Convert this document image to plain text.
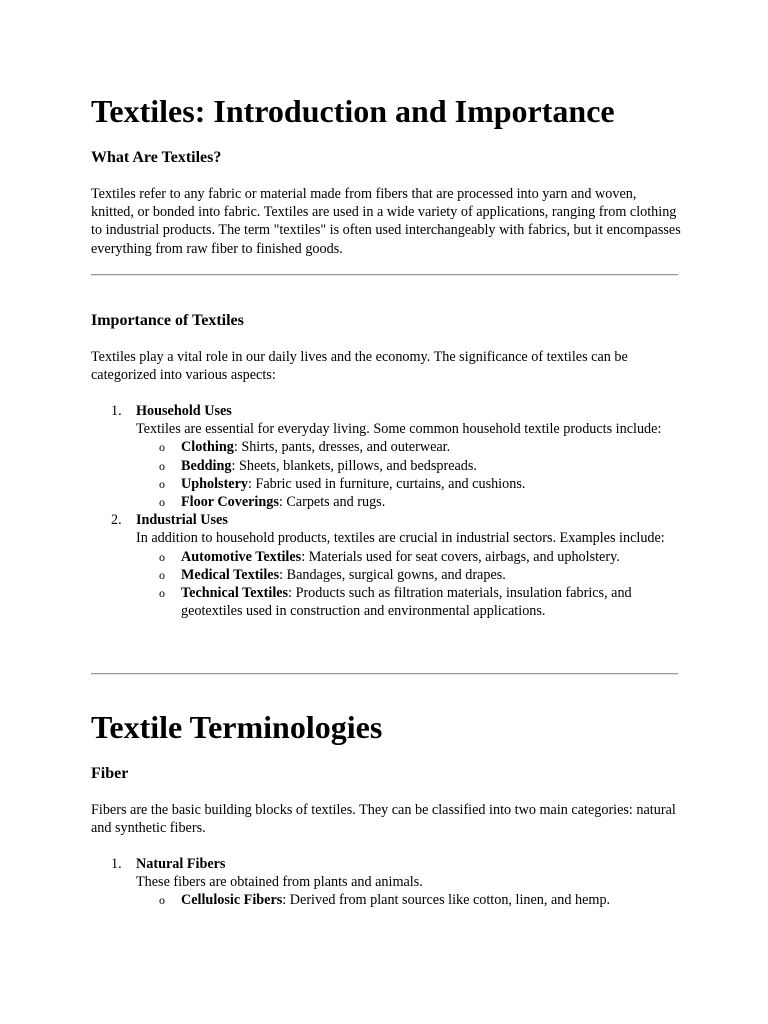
Textiles: Introduction and Importance
What Are Textiles?

Textiles refer to any fabric or material made from fibers that are processed into yarn and woven, knitted, or bonded into fabric. Textiles are used in a wide variety of applications, ranging from clothing to industrial products. The term "textiles" is often used interchangeably with fabrics, but it encompasses everything from raw fiber to finished goods.

Importance of Textiles

Textiles play a vital role in our daily lives and the economy. The significance of textiles can be categorized into various aspects:

1. Household Uses
Textiles are essential for everyday living. Some common household textile products include:
o Clothing: Shirts, pants, dresses, and outerwear.
o Bedding: Sheets, blankets, pillows, and bedspreads.
o Upholstery: Fabric used in furniture, curtains, and cushions.
o Floor Coverings: Carpets and rugs.
2. Industrial Uses
In addition to household products, textiles are crucial in industrial sectors. Examples include:
o Automotive Textiles: Materials used for seat covers, airbags, and upholstery.
o Medical Textiles: Bandages, surgical gowns, and drapes.
o Technical Textiles: Products such as filtration materials, insulation fabrics, and geotextiles used in construction and environmental applications.
Textile Terminologies
Fiber

Fibers are the basic building blocks of textiles. They can be classified into two main categories: natural and synthetic fibers.

1. Natural Fibers
These fibers are obtained from plants and animals.
o Cellulosic Fibers: Derived from plant sources like cotton, linen, and hemp.
